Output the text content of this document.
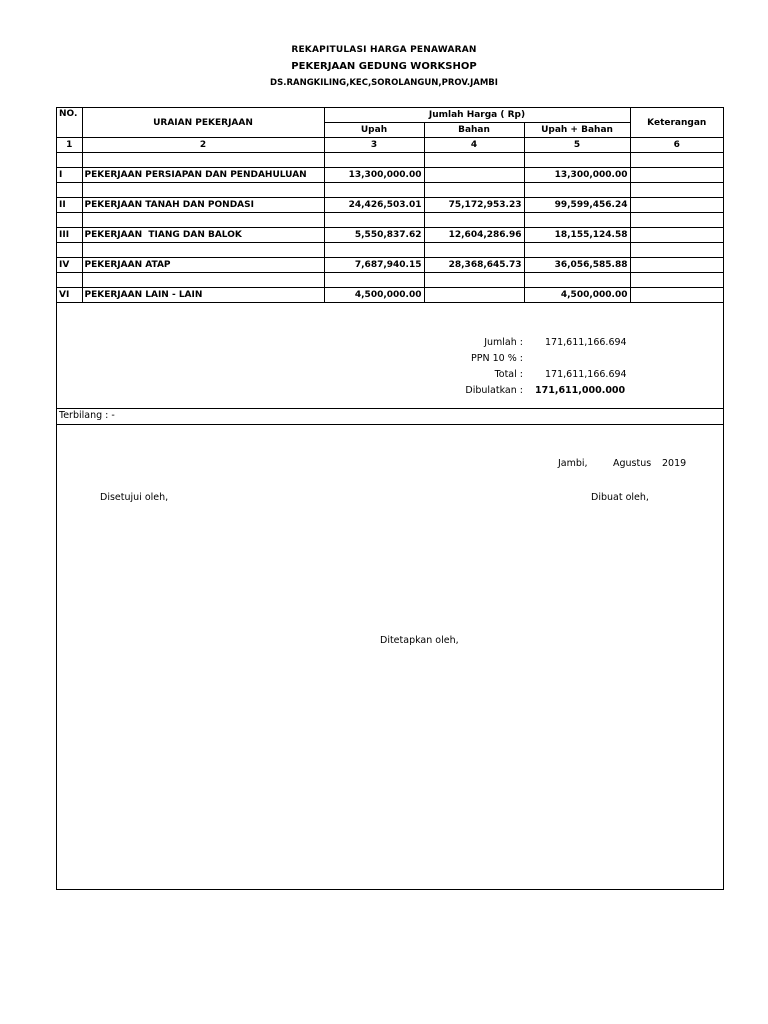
REKAPITULASI HARGA PENAWARAN
PEKERJAAN GEDUNG WORKSHOP
DS.RANGKILING,KEC,SOROLANGUN,PROV.JAMBI
NO.	URAIAN PEKERJAAN	Jumlah Harga ( Rp)			Keterangan
		Upah	Bahan	Upah + Bahan	
1	2	3	4	5	6

I	PEKERJAAN PERSIAPAN DAN PENDAHULUAN	13,300,000.00		13,300,000.00	

II	PEKERJAAN TANAH DAN PONDASI	24,426,503.01	75,172,953.23	99,599,456.24	

III	PEKERJAAN  TIANG DAN BALOK	5,550,837.62	12,604,286.96	18,155,124.58	

IV	PEKERJAAN ATAP	7,687,940.15	28,368,645.73	36,056,585.88	

VI	PEKERJAAN LAIN - LAIN	4,500,000.00		4,500,000.00	
Jumlah : 171,611,166.694
PPN 10 % :
Total : 171,611,166.694
Dibulatkan : 171,611,000.000
Terbilang : -
Jambi,	Agustus 2019
Disetujui oleh,	Dibuat oleh,
Ditetapkan oleh,
